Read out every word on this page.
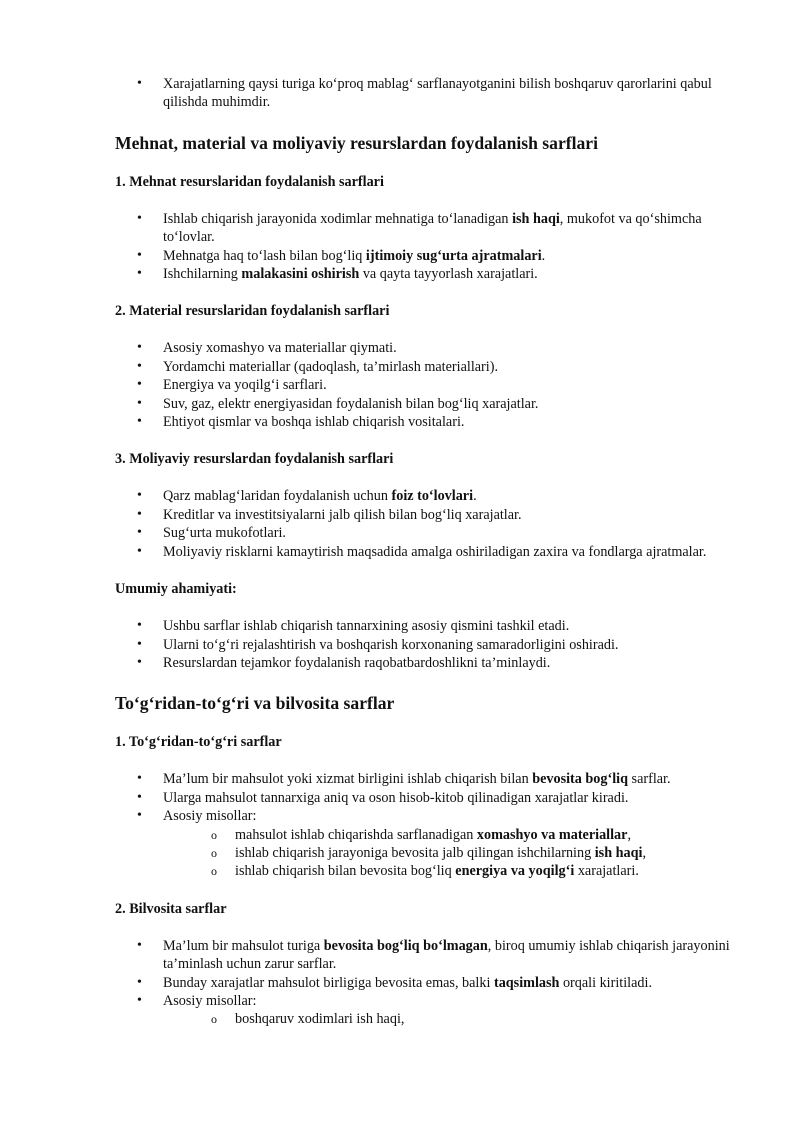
• Xarajatlarning qaysi turiga ko‘proq mablag‘ sarflanayotganini bilish boshqaruv qarorlarini qabul qilishda muhimdir.
Mehnat, material va moliyaviy resurslardan foydalanish sarflari
1. Mehnat resurslaridan foydalanish sarflari
• Ishlab chiqarish jarayonida xodimlar mehnatiga to‘lanadigan ish haqi, mukofot va qo‘shimcha to‘lovlar.
• Mehnatga haq to‘lash bilan bog‘liq ijtimoiy sug‘urta ajratmalari.
• Ishchilarning malakasini oshirish va qayta tayyorlash xarajatlari.
2. Material resurslaridan foydalanish sarflari
• Asosiy xomashyo va materiallar qiymati.
• Yordamchi materiallar (qadoqlash, ta’mirlash materiallari).
• Energiya va yoqilg‘i sarflari.
• Suv, gaz, elektr energiyasidan foydalanish bilan bog‘liq xarajatlar.
• Ehtiyot qismlar va boshqa ishlab chiqarish vositalari.
3. Moliyaviy resurslardan foydalanish sarflari
• Qarz mablag‘laridan foydalanish uchun foiz to‘lovlari.
• Kreditlar va investitsiyalarni jalb qilish bilan bog‘liq xarajatlar.
• Sug‘urta mukofotlari.
• Moliyaviy risklarni kamaytirish maqsadida amalga oshiriladigan zaxira va fondlarga ajratmalar.
Umumiy ahamiyati:
• Ushbu sarflar ishlab chiqarish tannarxining asosiy qismini tashkil etadi.
• Ularni to‘g‘ri rejalashtirish va boshqarish korxonaning samaradorligini oshiradi.
• Resurslardan tejamkor foydalanish raqobatbardoshlikni ta’minlaydi.
To‘g‘ridan-to‘g‘ri va bilvosita sarflar
1. To‘g‘ridan-to‘g‘ri sarflar
• Ma’lum bir mahsulot yoki xizmat birligini ishlab chiqarish bilan bevosita bog‘liq sarflar.
• Ularga mahsulot tannarxiga aniq va oson hisob-kitob qilinadigan xarajatlar kiradi.
• Asosiy misollar:
o mahsulot ishlab chiqarishda sarflanadigan xomashyo va materiallar,
o ishlab chiqarish jarayoniga bevosita jalb qilingan ishchilarning ish haqi,
o ishlab chiqarish bilan bevosita bog‘liq energiya va yoqilg‘i xarajatlari.
2. Bilvosita sarflar
• Ma’lum bir mahsulot turiga bevosita bog‘liq bo‘lmagan, biroq umumiy ishlab chiqarish jarayonini ta’minlash uchun zarur sarflar.
• Bunday xarajatlar mahsulot birligiga bevosita emas, balki taqsimlash orqali kiritiladi.
• Asosiy misollar:
o boshqaruv xodimlari ish haqi,
